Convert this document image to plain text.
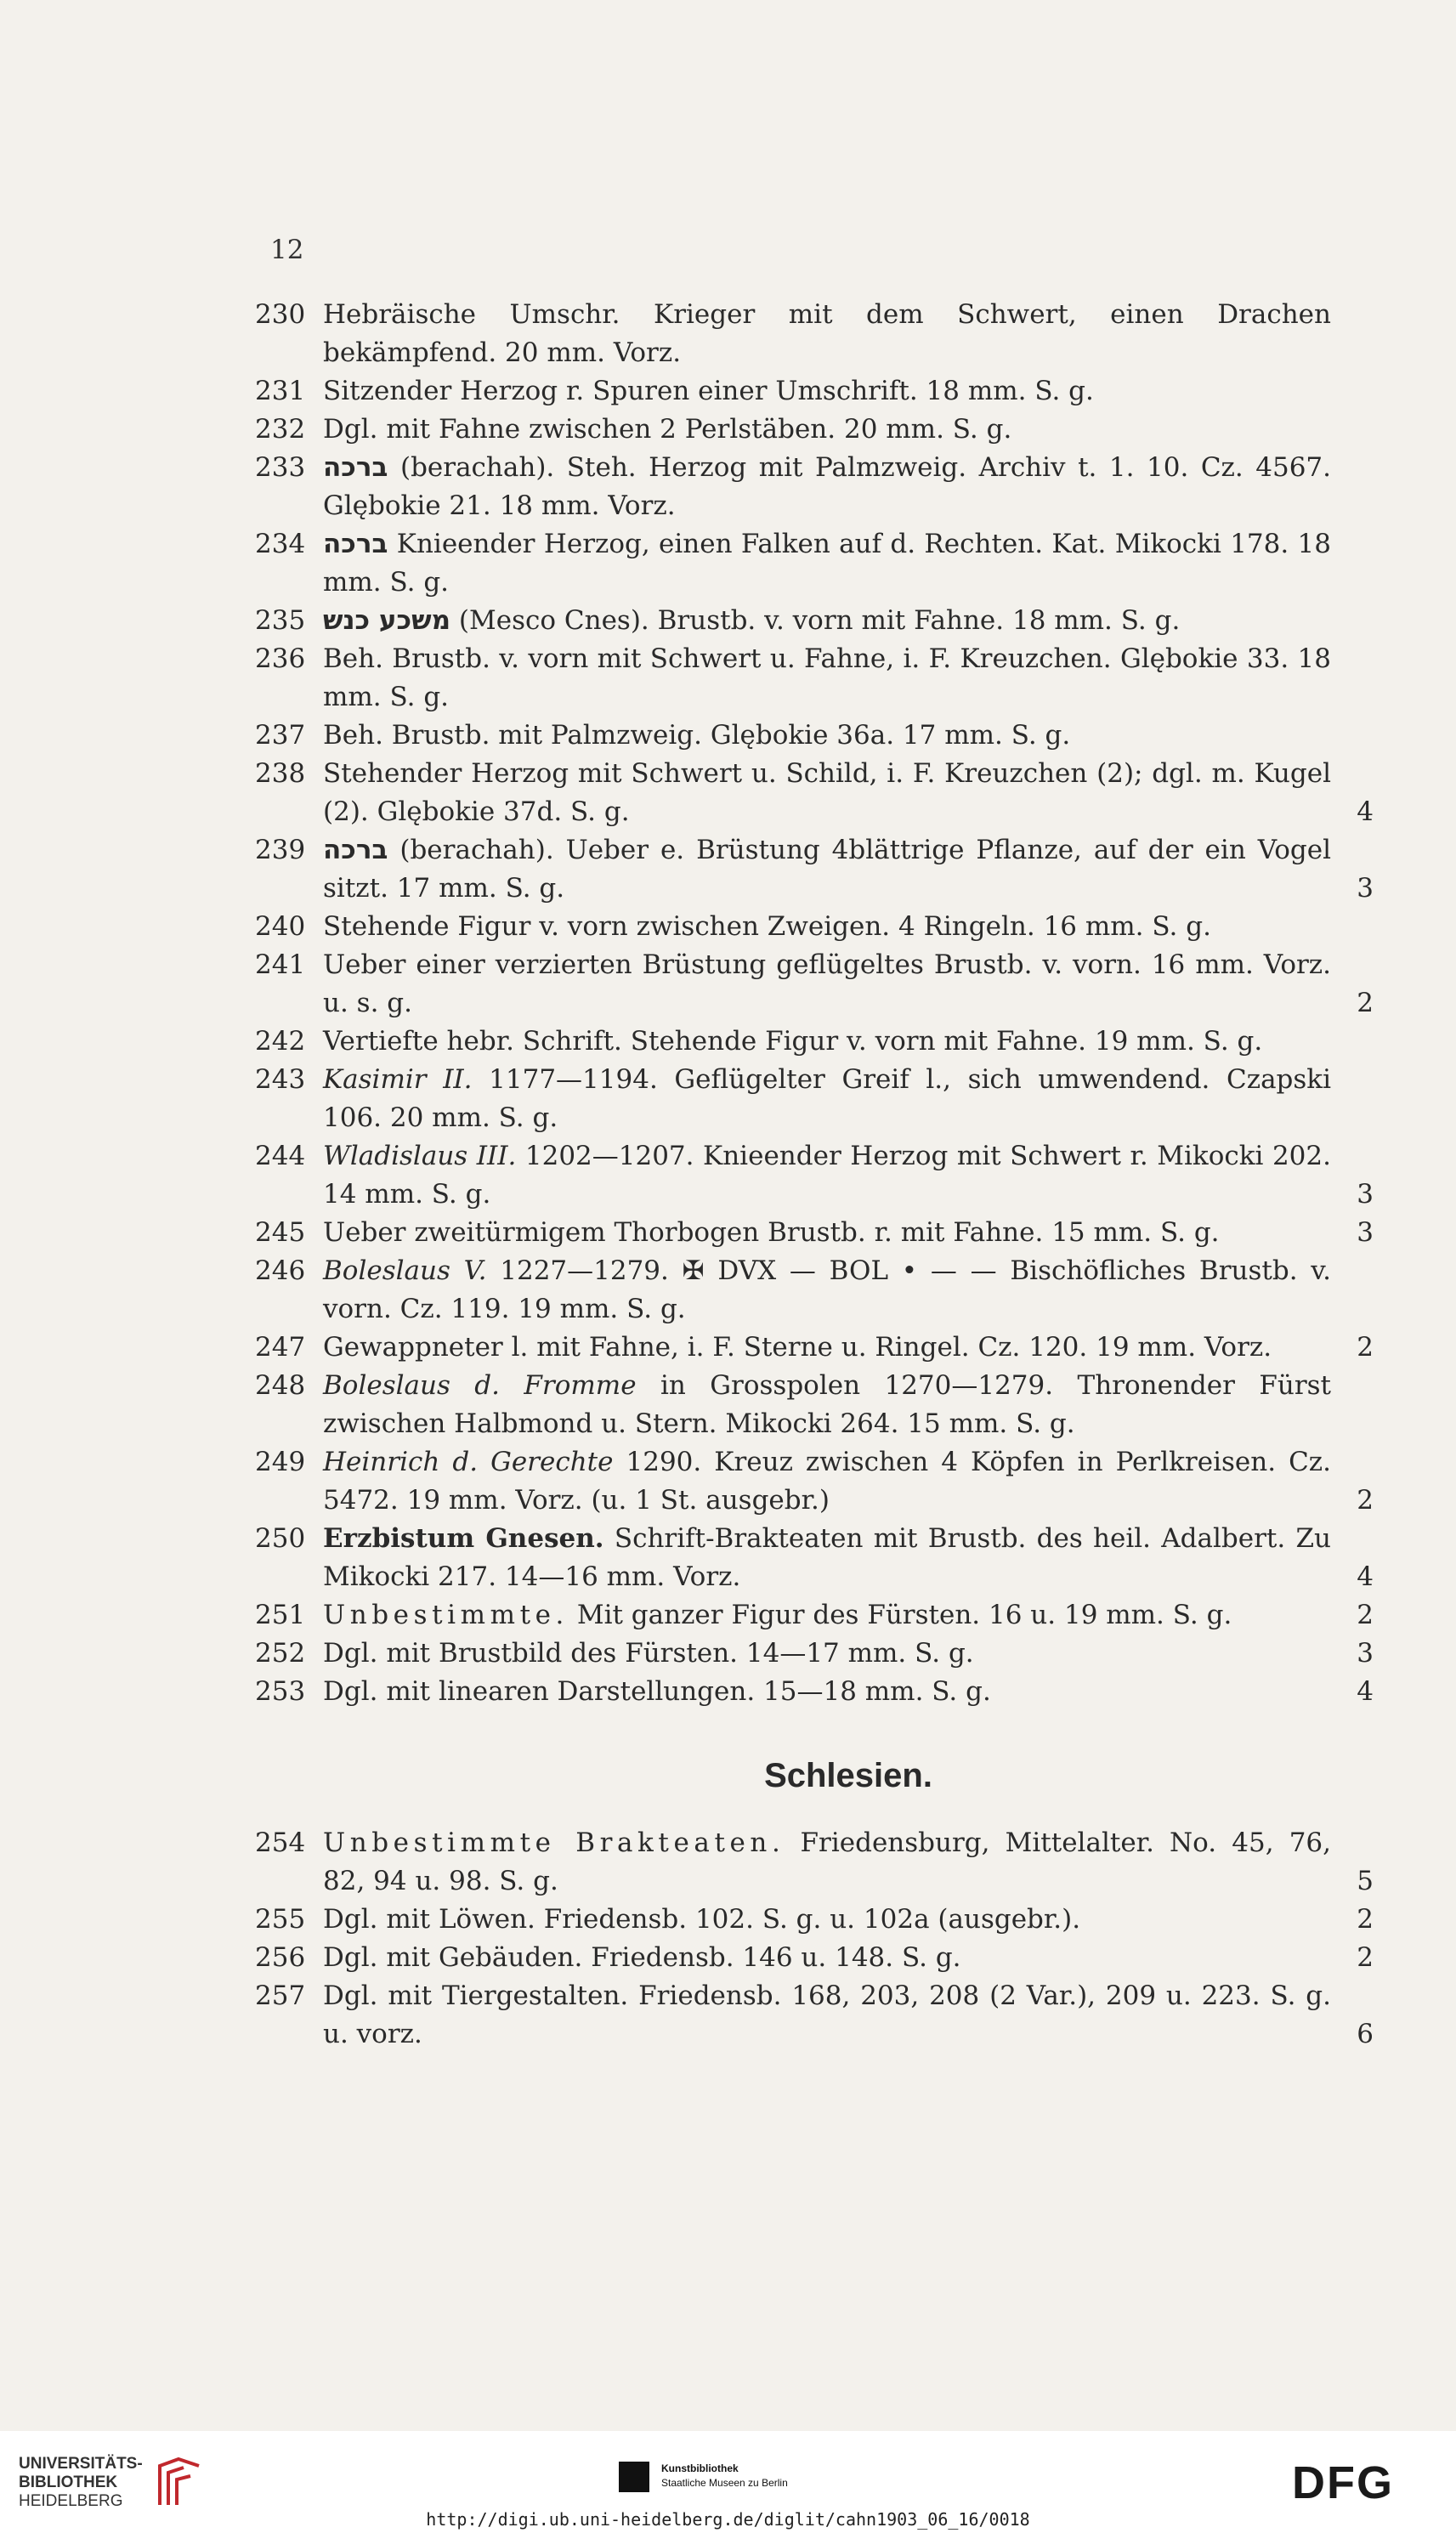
12
230 Hebräische Umschr. Krieger mit dem Schwert, einen Drachen bekämpfend. 20 mm. Vorz.
231 Sitzender Herzog r. Spuren einer Umschrift. 18 mm. S. g.
232 Dgl. mit Fahne zwischen 2 Perlstäben. 20 mm. S. g.
233 ברכה (berachah). Steh. Herzog mit Palmzweig. Archiv t. 1. 10. Cz. 4567. Glębokie 21. 18 mm. Vorz.
234 ברכה Knieender Herzog, einen Falken auf d. Rechten. Kat. Mikocki 178. 18 mm. S. g.
235 משכע כנש (Mesco Cnes). Brustb. v. vorn mit Fahne. 18 mm. S. g.
236 Beh. Brustb. v. vorn mit Schwert u. Fahne, i. F. Kreuzchen. Glębokie 33. 18 mm. S. g.
237 Beh. Brustb. mit Palmzweig. Glębokie 36a. 17 mm. S. g.
238 Stehender Herzog mit Schwert u. Schild, i. F. Kreuzchen (2); dgl. m. Kugel (2). Glębokie 37d. S. g.	4
239 ברכה (berachah). Ueber e. Brüstung 4blättrige Pflanze, auf der ein Vogel sitzt. 17 mm. S. g.	3
240 Stehende Figur v. vorn zwischen Zweigen. 4 Ringeln. 16 mm. S. g.
241 Ueber einer verzierten Brüstung geflügeltes Brustb. v. vorn. 16 mm. Vorz. u. s. g.	2
242 Vertiefte hebr. Schrift. Stehende Figur v. vorn mit Fahne. 19 mm. S. g.
243 Kasimir II. 1177—1194. Geflügelter Greif l., sich umwendend. Czapski 106. 20 mm. S. g.
244 Wladislaus III. 1202—1207. Knieender Herzog mit Schwert r. Mikocki 202. 14 mm. S. g.	3
245 Ueber zweitürmigem Thorbogen Brustb. r. mit Fahne. 15 mm. S. g.	3
246 Boleslaus V. 1227—1279. ✠ DVX — BOL • — — Bischöfliches Brustb. v. vorn. Cz. 119. 19 mm. S. g.
247 Gewappneter l. mit Fahne, i. F. Sterne u. Ringel. Cz. 120. 19 mm. Vorz.	2
248 Boleslaus d. Fromme in Grosspolen 1270—1279. Thronender Fürst zwischen Halbmond u. Stern. Mikocki 264. 15 mm. S. g.
249 Heinrich d. Gerechte 1290. Kreuz zwischen 4 Köpfen in Perlkreisen. Cz. 5472. 19 mm. Vorz. (u. 1 St. ausgebr.)	2
250 Erzbistum Gnesen. Schrift-Brakteaten mit Brustb. des heil. Adalbert. Zu Mikocki 217. 14—16 mm. Vorz.	4
251 Unbestimmte. Mit ganzer Figur des Fürsten. 16 u. 19 mm. S. g.	2
252 Dgl. mit Brustbild des Fürsten. 14—17 mm. S. g.	3
253 Dgl. mit linearen Darstellungen. 15—18 mm. S. g.	4
Schlesien.
254 Unbestimmte Brakteaten. Friedensburg, Mittelalter. No. 45, 76, 82, 94 u. 98. S. g.	5
255 Dgl. mit Löwen. Friedensb. 102. S. g. u. 102a (ausgebr.).	2
256 Dgl. mit Gebäuden. Friedensb. 146 u. 148. S. g.	2
257 Dgl. mit Tiergestalten. Friedensb. 168, 203, 208 (2 Var.), 209 u. 223. S. g. u. vorz.	6
UNIVERSITÄTS-
BIBLIOTHEK
HEIDELBERG
Kunstbibliothek
Staatliche Museen zu Berlin	DFG
http://digi.ub.uni-heidelberg.de/diglit/cahn1903_06_16/0018
